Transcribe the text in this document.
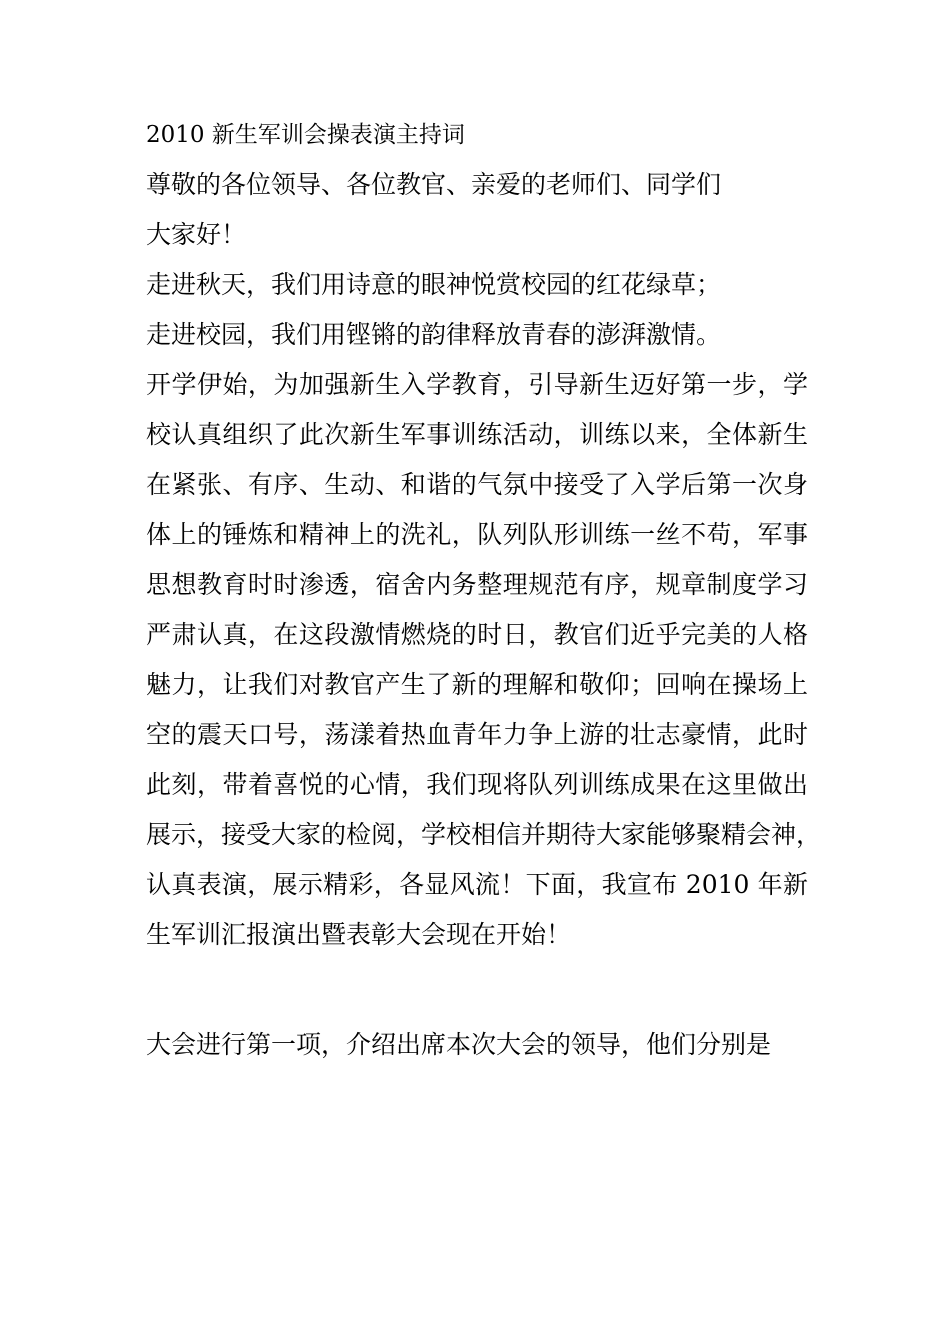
2010 新生军训会操表演主持词
尊敬的各位领导、各位教官、亲爱的老师们、同学们
大家好！
走进秋天，我们用诗意的眼神悦赏校园的红花绿草；
走进校园，我们用铿锵的韵律释放青春的澎湃激情。
开学伊始，为加强新生入学教育，引导新生迈好第一步，学
校认真组织了此次新生军事训练活动，训练以来，全体新生
在紧张、有序、生动、和谐的气氛中接受了入学后第一次身
体上的锤炼和精神上的洗礼，队列队形训练一丝不苟，军事
思想教育时时渗透，宿舍内务整理规范有序，规章制度学习
严肃认真，在这段激情燃烧的时日，教官们近乎完美的人格
魅力，让我们对教官产生了新的理解和敬仰；回响在操场上
空的震天口号，荡漾着热血青年力争上游的壮志豪情，此时
此刻，带着喜悦的心情，我们现将队列训练成果在这里做出
展示，接受大家的检阅，学校相信并期待大家能够聚精会神，
认真表演，展示精彩，各显风流！下面，我宣布 2010 年新
生军训汇报演出暨表彰大会现在开始！
大会进行第一项，介绍出席本次大会的领导，他们分别是
